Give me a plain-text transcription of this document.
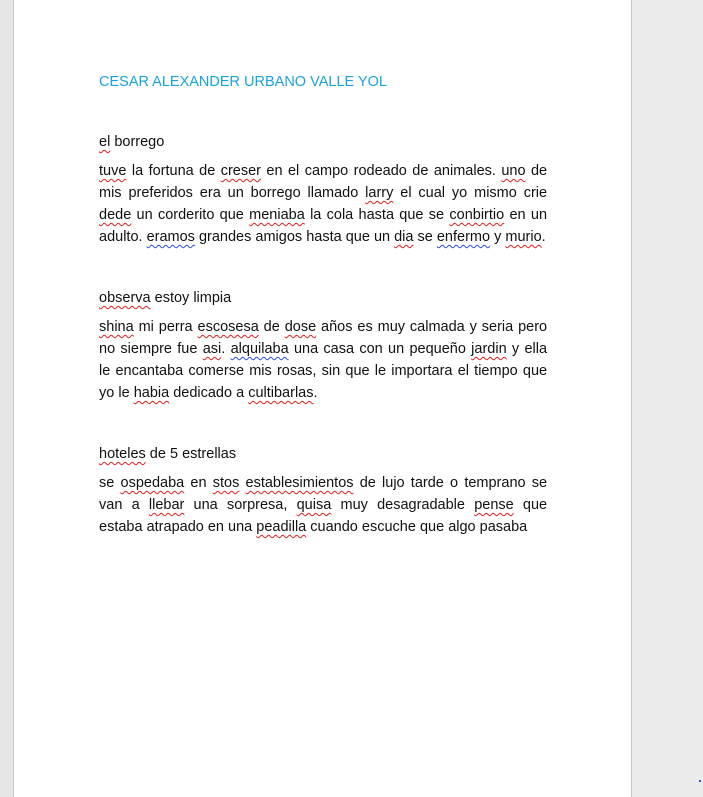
CESAR ALEXANDER URBANO VALLE YOL

el borrego

tuve la fortuna de creser en el campo rodeado de animales. uno de mis preferidos era un borrego llamado larry el cual yo mismo crie dede un corderito que meniaba la cola hasta que se conbirtio en un adulto. eramos grandes amigos hasta que un dia se enfermo y murio.

observa estoy limpia

shina mi perra escosesa de dose años es muy calmada y seria pero no siempre fue asi. alquilaba una casa con un pequeño jardin y ella le encantaba comerse mis rosas, sin que le importara el tiempo que yo le habia dedicado a cultibarlas.

hoteles de 5 estrellas

se ospedaba en stos establesimientos de lujo tarde o temprano se van a llebar una sorpresa, quisa muy desagradable pense que estaba atrapado en una peadilla cuando escuche que algo pasaba
